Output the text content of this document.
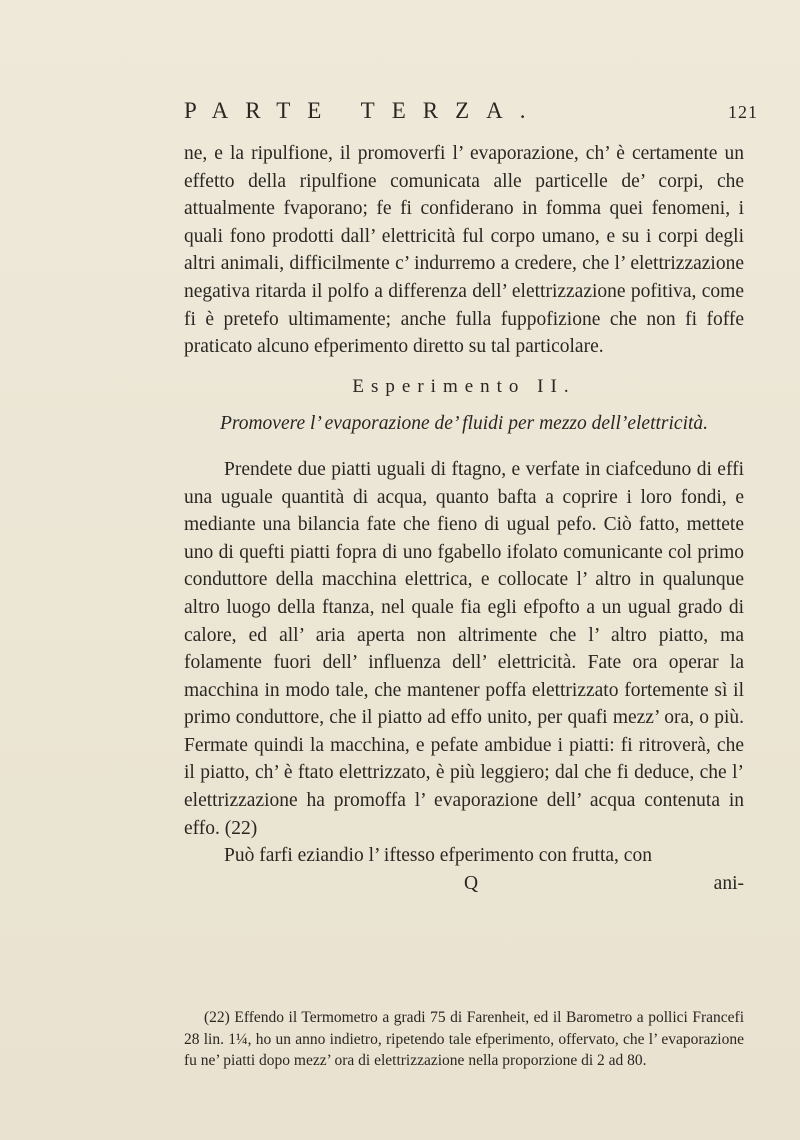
PARTE TERZA.	121

ne, e la ripulfione, il promoverfi l’ evaporazione, ch’ è certamente un effetto della ripulfione comunicata alle particelle de’ corpi, che attualmente fvaporano; fe fi confiderano in fomma quei fenomeni, i quali fono prodotti dall’ elettricità ful corpo umano, e su i corpi degli altri animali, difficilmente c’ indurremo a credere, che l’ elettrizzazione negativa ritarda il polfo a differenza dell’ elettrizzazione pofitiva, come fi è pretefo ultimamente; anche fulla fuppofizione che non fi foffe praticato alcuno efperimento diretto su tal particolare.

Esperimento II.

Promovere l’ evaporazione de’ fluidi per mezzo dell’elettricità.

Prendete due piatti uguali di ftagno, e verfate in ciafceduno di effi una uguale quantità di acqua, quanto bafta a coprire i loro fondi, e mediante una bilancia fate che fieno di ugual pefo. Ciò fatto, mettete uno di quefti piatti fopra di uno fgabello ifolato comunicante col primo conduttore della macchina elettrica, e collocate l’ altro in qualunque altro luogo della ftanza, nel quale fia egli efpofto a un ugual grado di calore, ed all’ aria aperta non altrimente che l’ altro piatto, ma folamente fuori dell’ influenza dell’ elettricità. Fate ora operar la macchina in modo tale, che mantener poffa elettrizzato fortemente sì il primo conduttore, che il piatto ad effo unito, per quafi mezz’ ora, o più. Fermate quindi la macchina, e pefate ambidue i piatti: fi ritroverà, che il piatto, ch’ è ftato elettrizzato, è più leggiero; dal che fi deduce, che l’ elettrizzazione ha promoffa l’ evaporazione dell’ acqua contenuta in effo. (22)

Può farfi eziandio l’ iftesso efperimento con frutta, con

Q	ani-

(22) Effendo il Termometro a gradi 75 di Farenheit, ed il Barometro a pollici Francefi 28 lin. 1¼, ho un anno indietro, ripetendo tale efperimento, offervato, che l’ evaporazione fu ne’ piatti dopo mezz’ ora di elettrizzazione nella proporzione di 2 ad 80.
